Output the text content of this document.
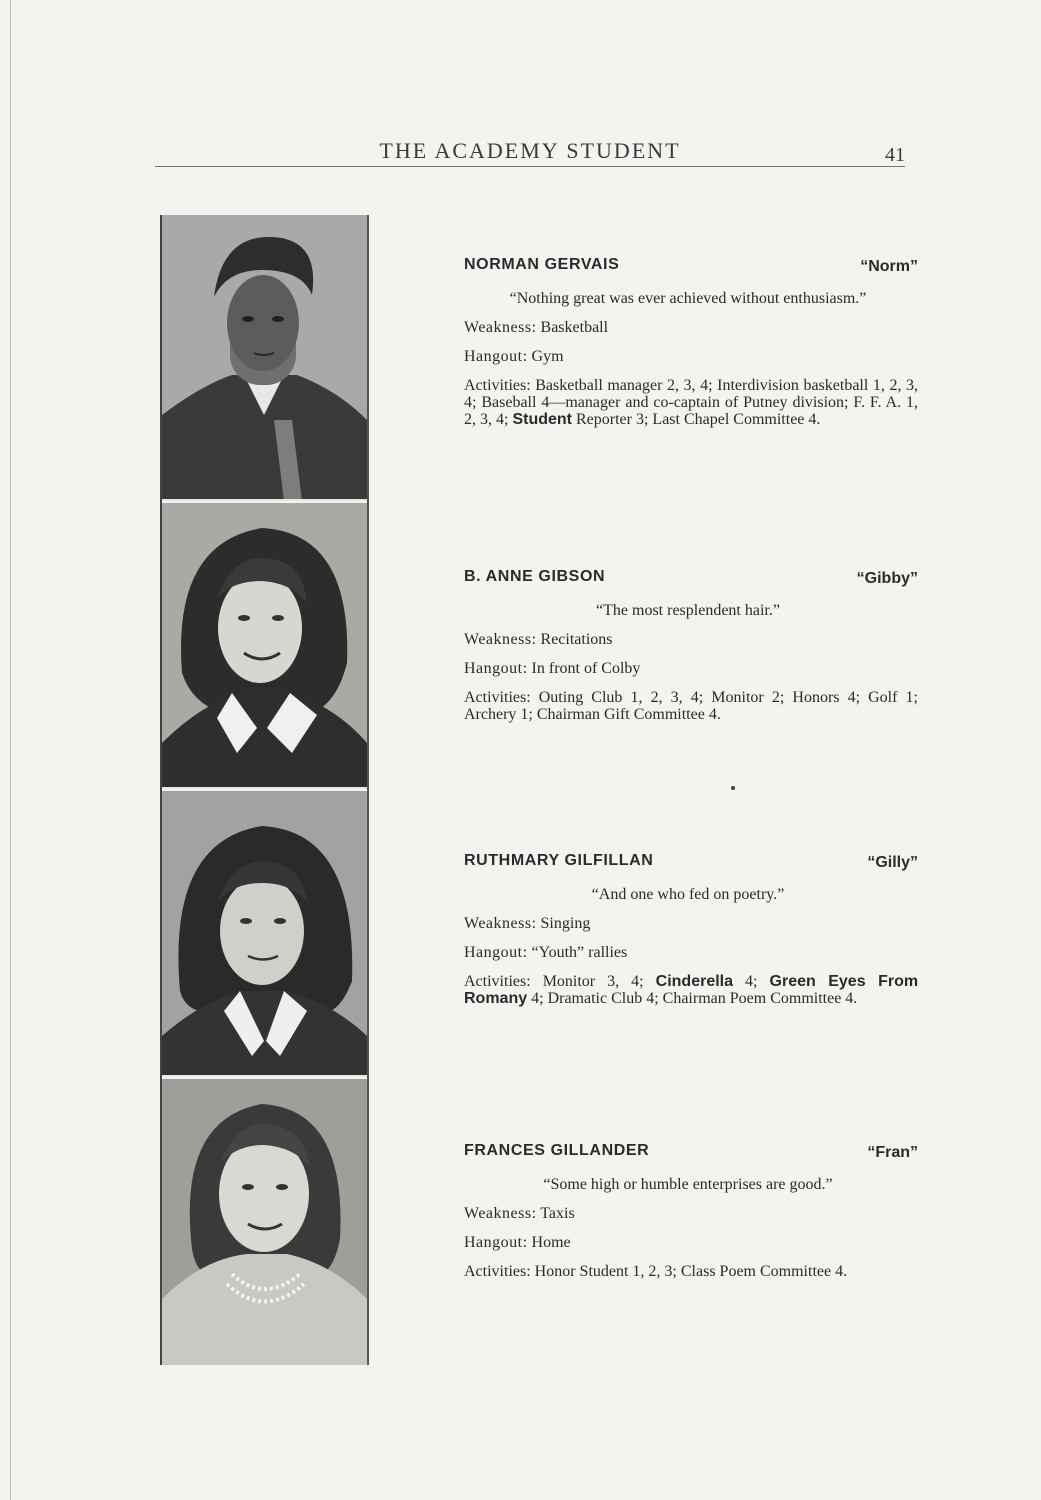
THE ACADEMY STUDENT	41
NORMAN GERVAIS	“Norm”
“Nothing great was ever achieved without enthusiasm.”
Weakness: Basketball
Hangout: Gym
Activities: Basketball manager 2, 3, 4; Interdivision basketball 1, 2, 3, 4; Baseball 4—manager and co-captain of Putney division; F. F. A. 1, 2, 3, 4; Student Reporter 3; Last Chapel Committee 4.
B. ANNE GIBSON	“Gibby”
“The most resplendent hair.”
Weakness: Recitations
Hangout: In front of Colby
Activities: Outing Club 1, 2, 3, 4; Monitor 2; Honors 4; Golf 1; Archery 1; Chairman Gift Committee 4.
RUTHMARY GILFILLAN	“Gilly”
“And one who fed on poetry.”
Weakness: Singing
Hangout: “Youth” rallies
Activities: Monitor 3, 4; Cinderella 4; Green Eyes From Romany 4; Dramatic Club 4; Chairman Poem Committee 4.
FRANCES GILLANDER	“Fran”
“Some high or humble enterprises are good.”
Weakness: Taxis
Hangout: Home
Activities: Honor Student 1, 2, 3; Class Poem Committee 4.
